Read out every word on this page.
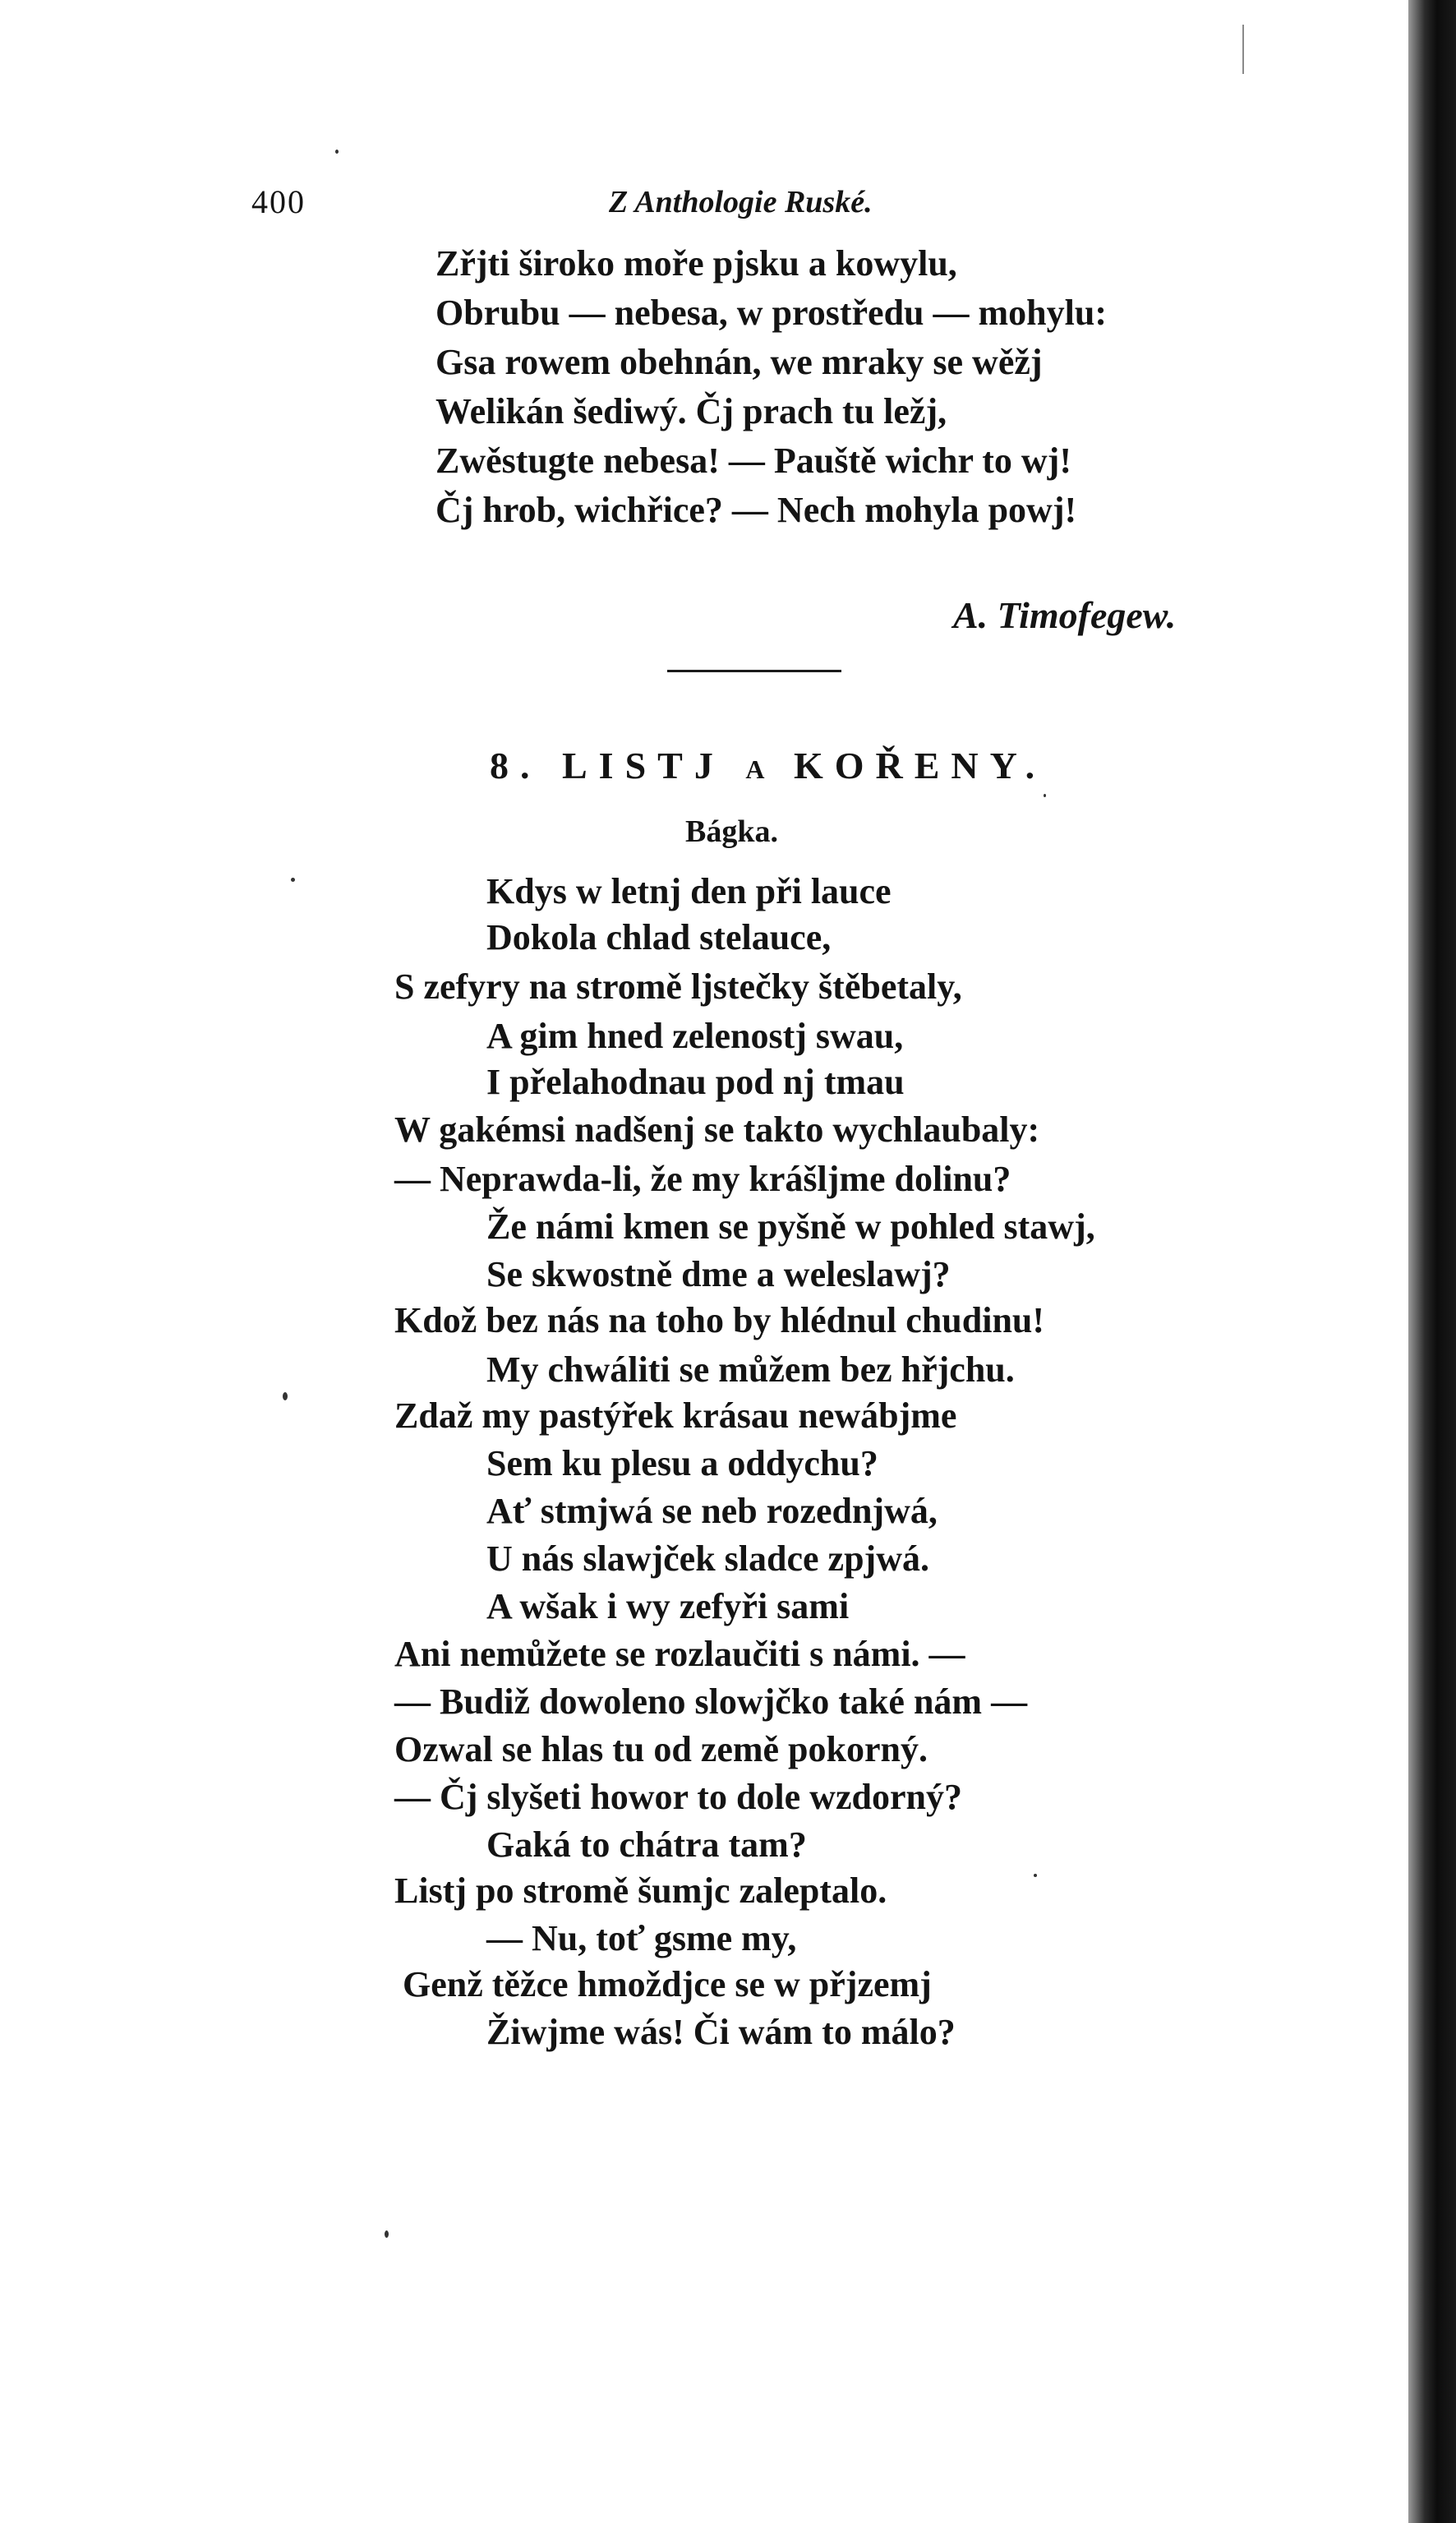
400	Z Anthologie Ruské.
Zřjti široko moře pjsku a kowylu,
Obrubu — nebesa, w prostředu — mohylu:
Gsa rowem obehnán, we mraky se wěžj
Welikán šediwý. Čj prach tu ležj,
Zwěstugte nebesa! — Pauště wichr to wj!
Čj hrob, wichřice? — Nech mohyla powj!
A. Timofegew.
8. LISTJ A KOŘENY.
Bágka.
Kdys w letnj den při lauce
Dokola chlad stelauce,
S zefyry na stromě ljstečky štěbetaly,
A gim hned zelenostj swau,
I přelahodnau pod nj tmau
W gakémsi nadšenj se takto wychlaubaly:
— Neprawda-li, že my krášljme dolinu?
Že námi kmen se pyšně w pohled stawj,
Se skwostně dme a weleslawj?
Kdož bez nás na toho by hlédnul chudinu!
My chwáliti se můžem bez hřjchu.
Zdaž my pastýřek krásau newábjme
Sem ku plesu a oddychu?
Ať stmjwá se neb rozednjwá,
U nás slawjček sladce zpjwá.
A wšak i wy zefyři sami
Ani nemůžete se rozlaučiti s námi. —
— Budiž dowoleno slowjčko také nám —
Ozwal se hlas tu od země pokorný.
— Čj slyšeti howor to dole wzdorný?
Gaká to chátra tam?
Listj po stromě šumjc zaleptalo.
— Nu, toť gsme my,
Genž těžce hmoždjce se w přjzemj
Žiwjme wás! Či wám to málo?
